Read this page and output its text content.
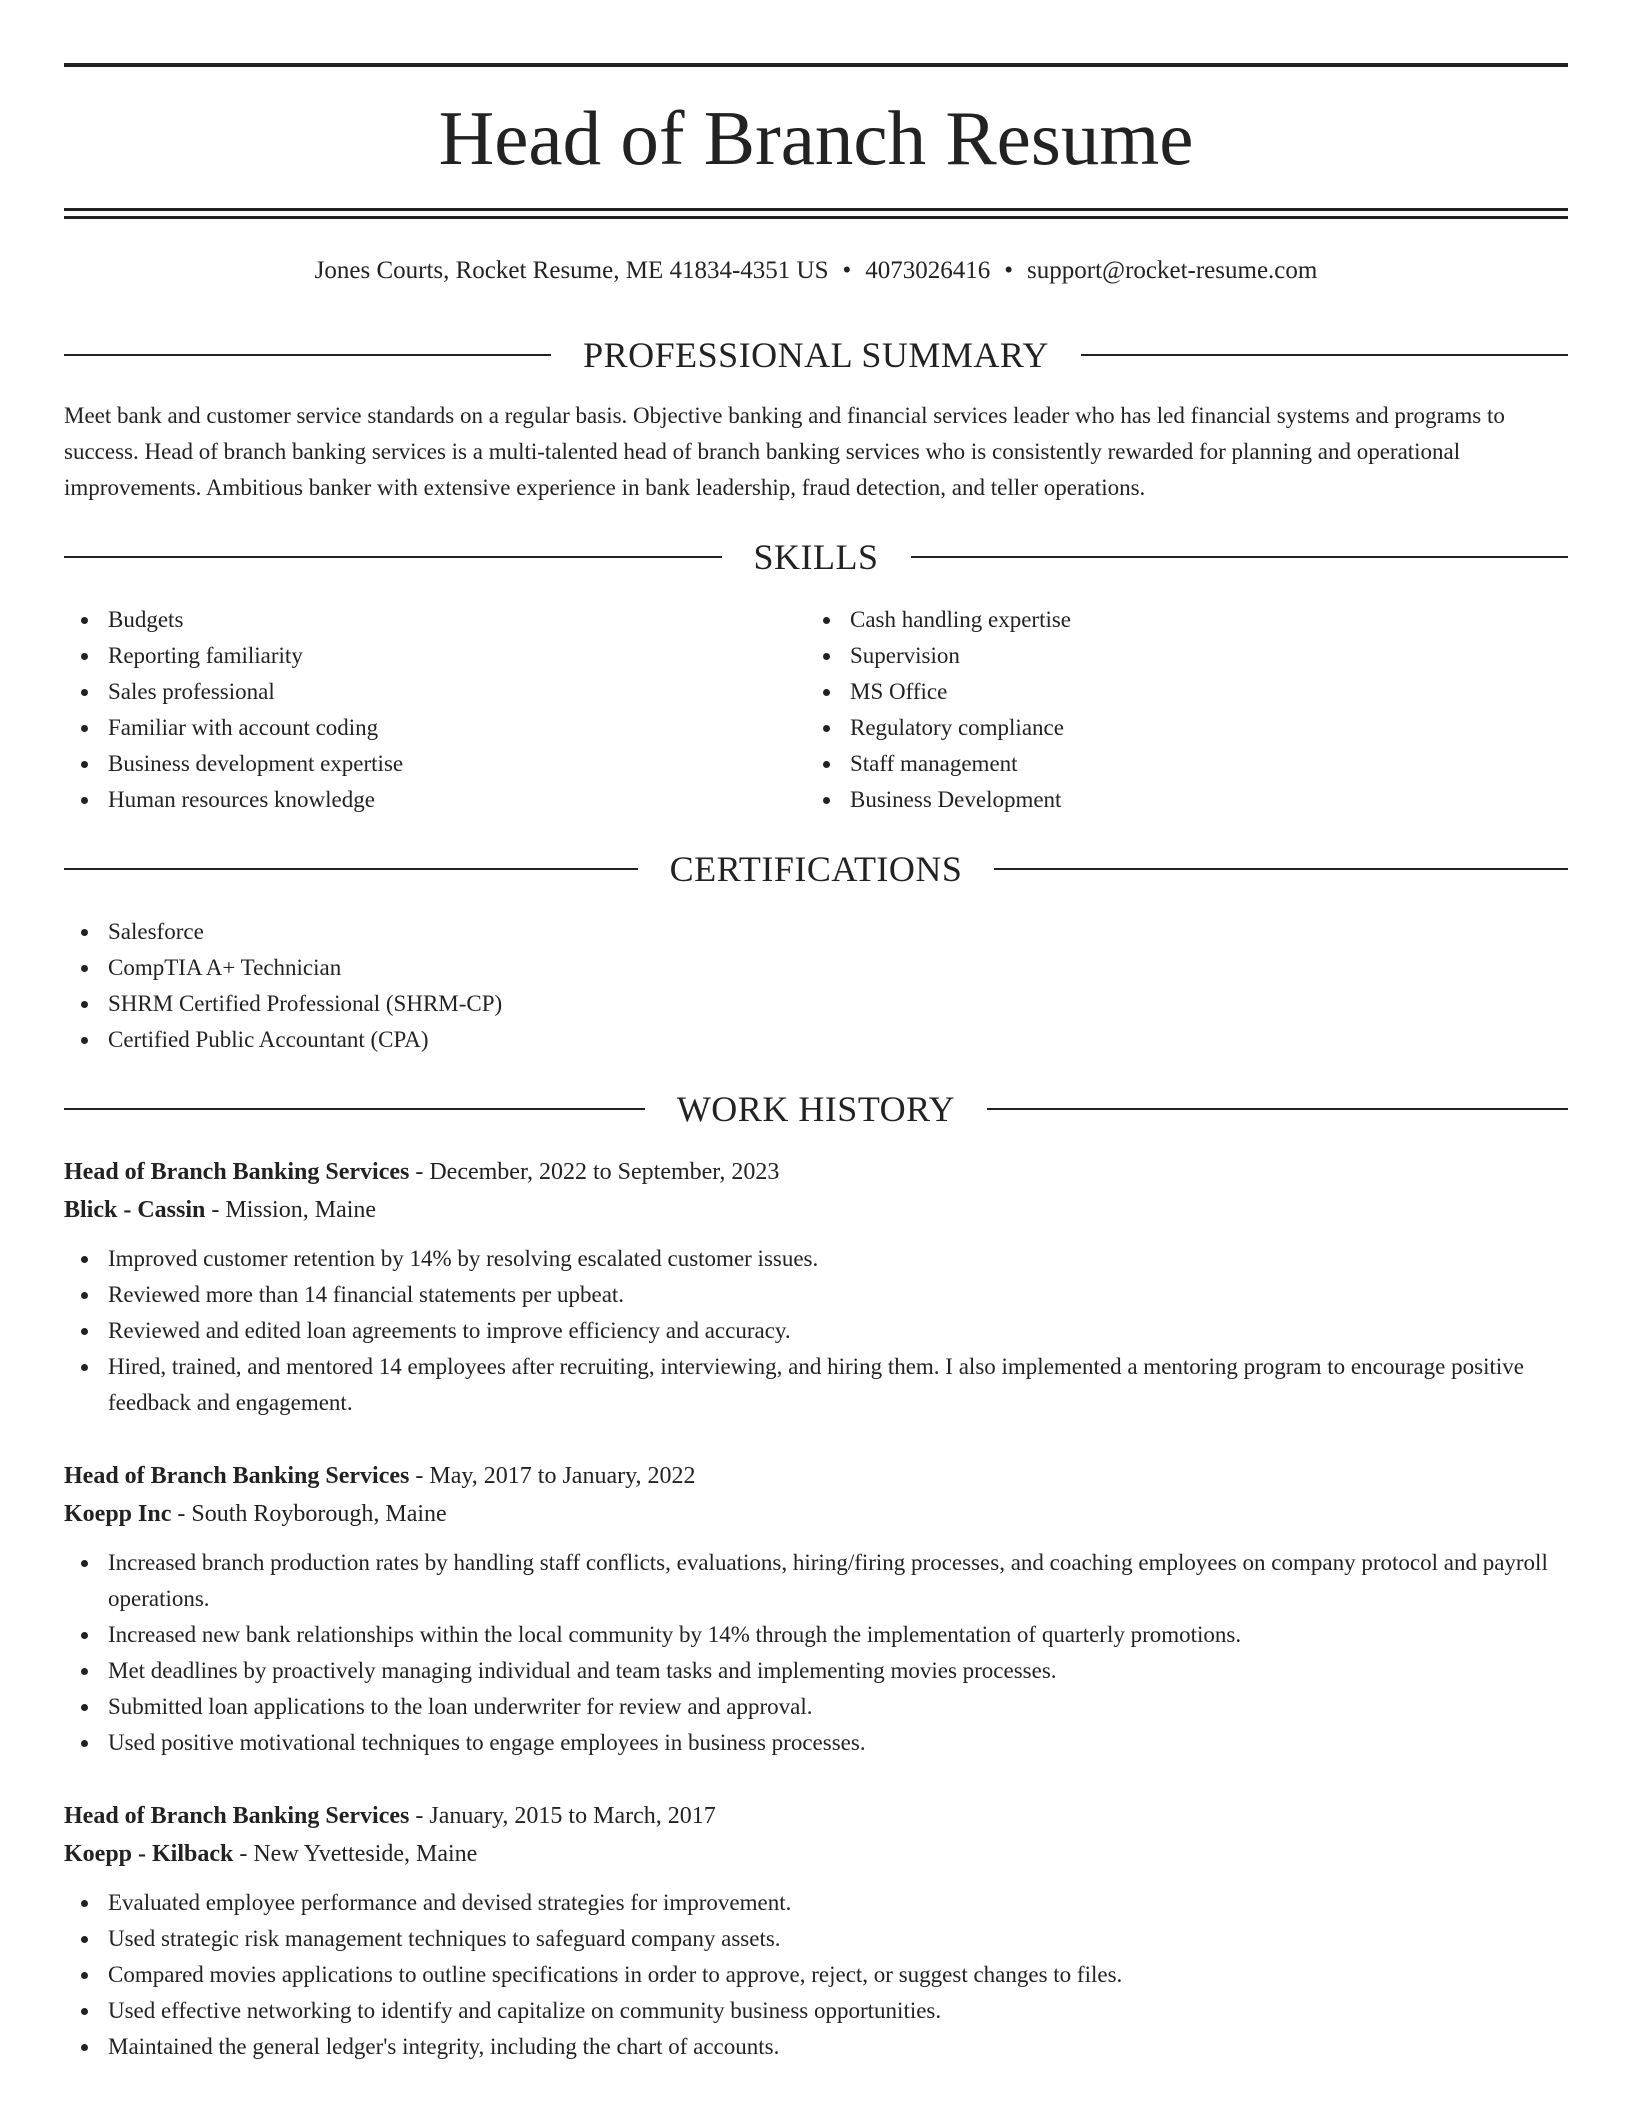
Head of Branch Resume
Jones Courts, Rocket Resume, ME 41834-4351 US • 4073026416 • support@rocket-resume.com
PROFESSIONAL SUMMARY

Meet bank and customer service standards on a regular basis. Objective banking and financial services leader who has led financial systems and programs to success. Head of branch banking services is a multi-talented head of branch banking services who is consistently rewarded for planning and operational improvements. Ambitious banker with extensive experience in bank leadership, fraud detection, and teller operations.

SKILLS
Budgets
Reporting familiarity
Sales professional
Familiar with account coding
Business development expertise
Human resources knowledge
Cash handling expertise
Supervision
MS Office
Regulatory compliance
Staff management
Business Development
CERTIFICATIONS
Salesforce
CompTIA A+ Technician
SHRM Certified Professional (SHRM-CP)
Certified Public Accountant (CPA)
WORK HISTORY
Head of Branch Banking Services - December, 2022 to September, 2023
Blick - Cassin - Mission, Maine
Improved customer retention by 14% by resolving escalated customer issues.
Reviewed more than 14 financial statements per upbeat.
Reviewed and edited loan agreements to improve efficiency and accuracy.
Hired, trained, and mentored 14 employees after recruiting, interviewing, and hiring them. I also implemented a mentoring program to encourage positive feedback and engagement.
Head of Branch Banking Services - May, 2017 to January, 2022
Koepp Inc - South Royborough, Maine
Increased branch production rates by handling staff conflicts, evaluations, hiring/firing processes, and coaching employees on company protocol and payroll operations.
Increased new bank relationships within the local community by 14% through the implementation of quarterly promotions.
Met deadlines by proactively managing individual and team tasks and implementing movies processes.
Submitted loan applications to the loan underwriter for review and approval.
Used positive motivational techniques to engage employees in business processes.
Head of Branch Banking Services - January, 2015 to March, 2017
Koepp - Kilback - New Yvetteside, Maine
Evaluated employee performance and devised strategies for improvement.
Used strategic risk management techniques to safeguard company assets.
Compared movies applications to outline specifications in order to approve, reject, or suggest changes to files.
Used effective networking to identify and capitalize on community business opportunities.
Maintained the general ledger's integrity, including the chart of accounts.
